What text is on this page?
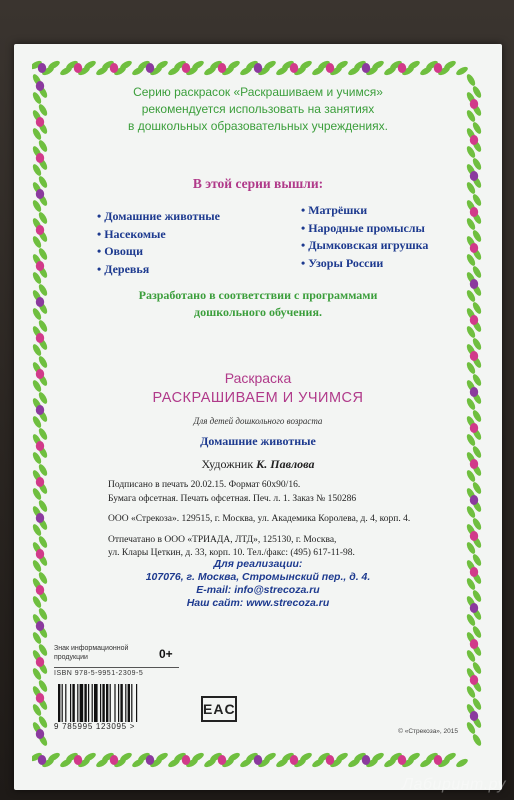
Серию раскрасок «Раскрашиваем и учимся»
рекомендуется использовать на занятиях
в дошкольных образовательных учреждениях.
В этой серии вышли:
• Домашние животные
• Насекомые
• Овощи
• Деревья
• Матрёшки
• Народные промыслы
• Дымковская игрушка
• Узоры России
Разработано в соответствии с программами
дошкольного обучения.
Раскраска
РАСКРАШИВАЕМ И УЧИМСЯ
Для детей дошкольного возраста
Домашние животные
Художник К. Павлова

Подписано в печать 20.02.15. Формат 60х90/16.

Бумага офсетная. Печать офсетная. Печ. л. 1. Заказ № 150286

ООО «Стрекоза». 129515, г. Москва, ул. Академика Королева, д. 4, корп. 4.

Отпечатано в ООО «ТРИАДА, ЛТД», 125130, г. Москва,

ул. Клары Цеткин, д. 33, корп. 10. Тел./факс: (495) 617-11-98.

Для реализации:

107076, г. Москва, Стромынский пер., д. 4.

E-mail: info@strecoza.ru

Наш сайт: www.strecoza.ru

Знак информационной
продукции	0+
ISBN 978-5-9951-2309-5
9 785995 123095 >
EAC
© «Стрекоза», 2015
Лабиринт.ру
